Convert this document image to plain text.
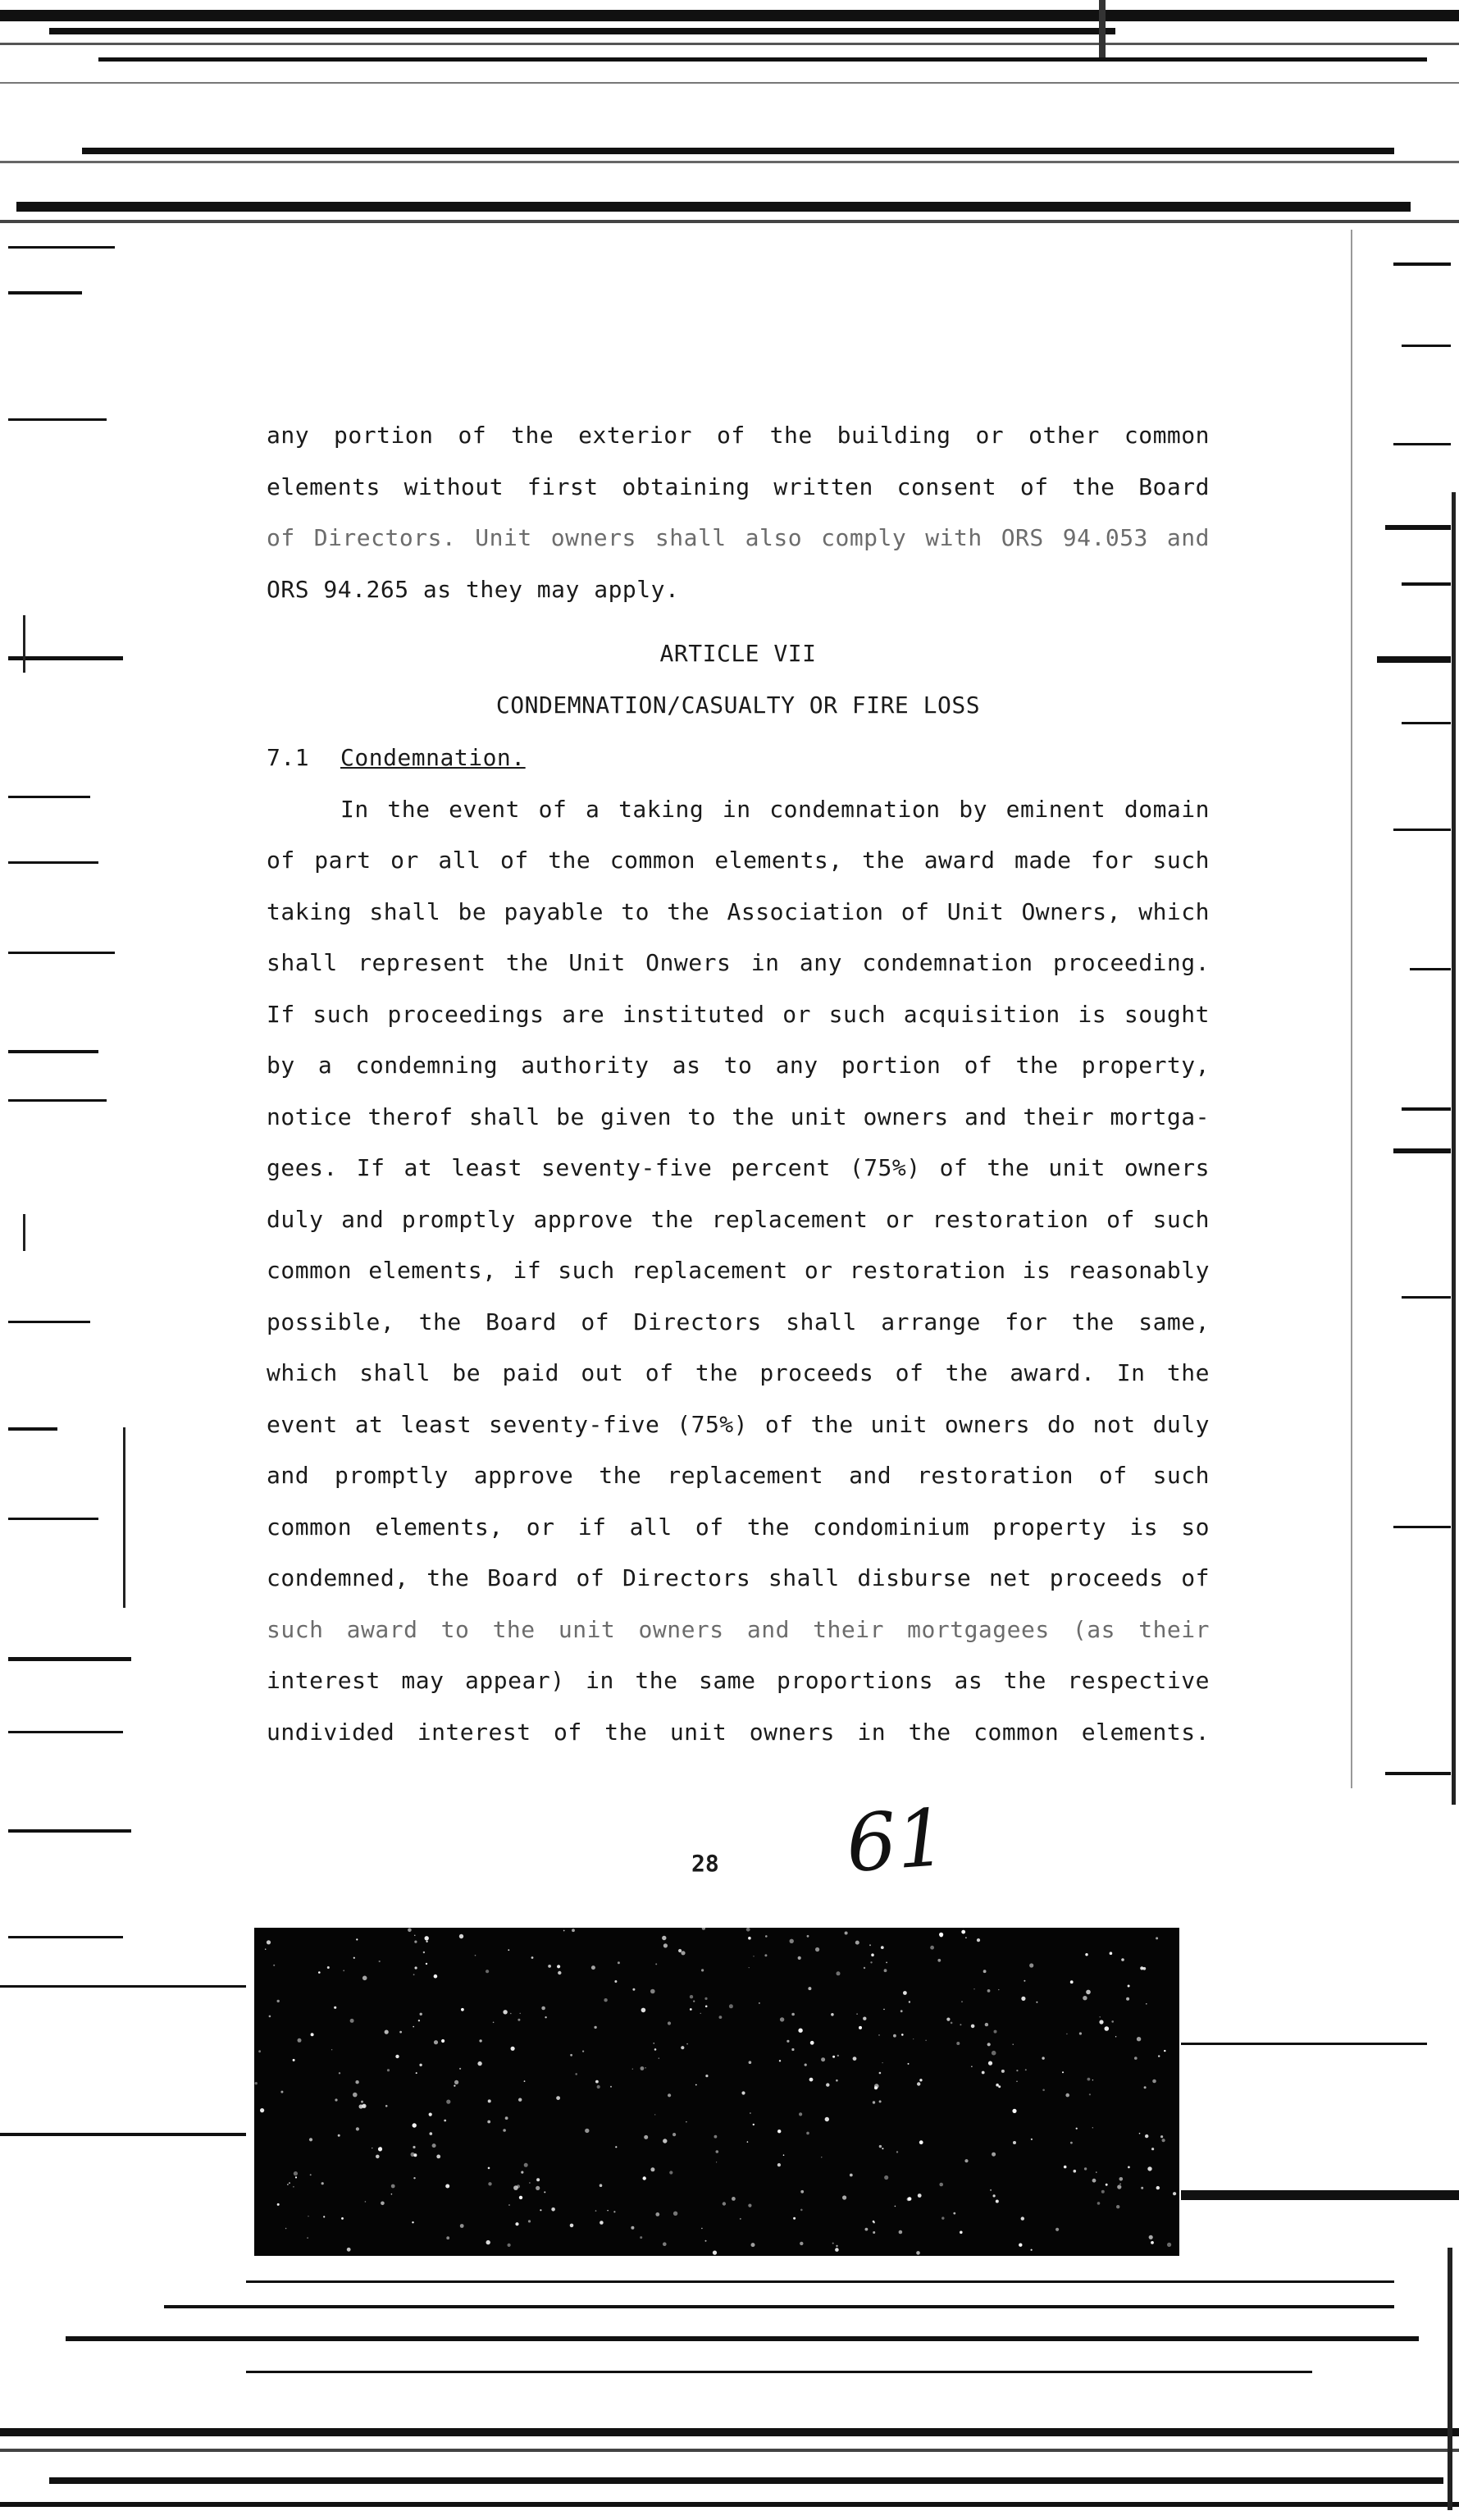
any portion of the exterior of the building or other common
elements without first obtaining written consent of the Board
of Directors. Unit owners shall also comply with ORS 94.053 and
ORS 94.265 as they may apply.
ARTICLE VII
CONDEMNATION/CASUALTY OR FIRE LOSS
7.1 Condemnation.
In the event of a taking in condemnation by eminent domain
of part or all of the common elements, the award made for such
taking shall be payable to the Association of Unit Owners, which
shall represent the Unit Onwers in any condemnation proceeding.
If such proceedings are instituted or such acquisition is sought
by a condemning authority as to any portion of the property,
notice therof shall be given to the unit owners and their mortga-
gees. If at least seventy-five percent (75%) of the unit owners
duly and promptly approve the replacement or restoration of such
common elements, if such replacement or restoration is reasonably
possible, the Board of Directors shall arrange for the same,
which shall be paid out of the proceeds of the award. In the
event at least seventy-five (75%) of the unit owners do not duly
and promptly approve the replacement and restoration of such
common elements, or if all of the condominium property is so
condemned, the Board of Directors shall disburse net proceeds of
such award to the unit owners and their mortgagees (as their
interest may appear) in the same proportions as the respective
undivided interest of the unit owners in the common elements.
28 61
